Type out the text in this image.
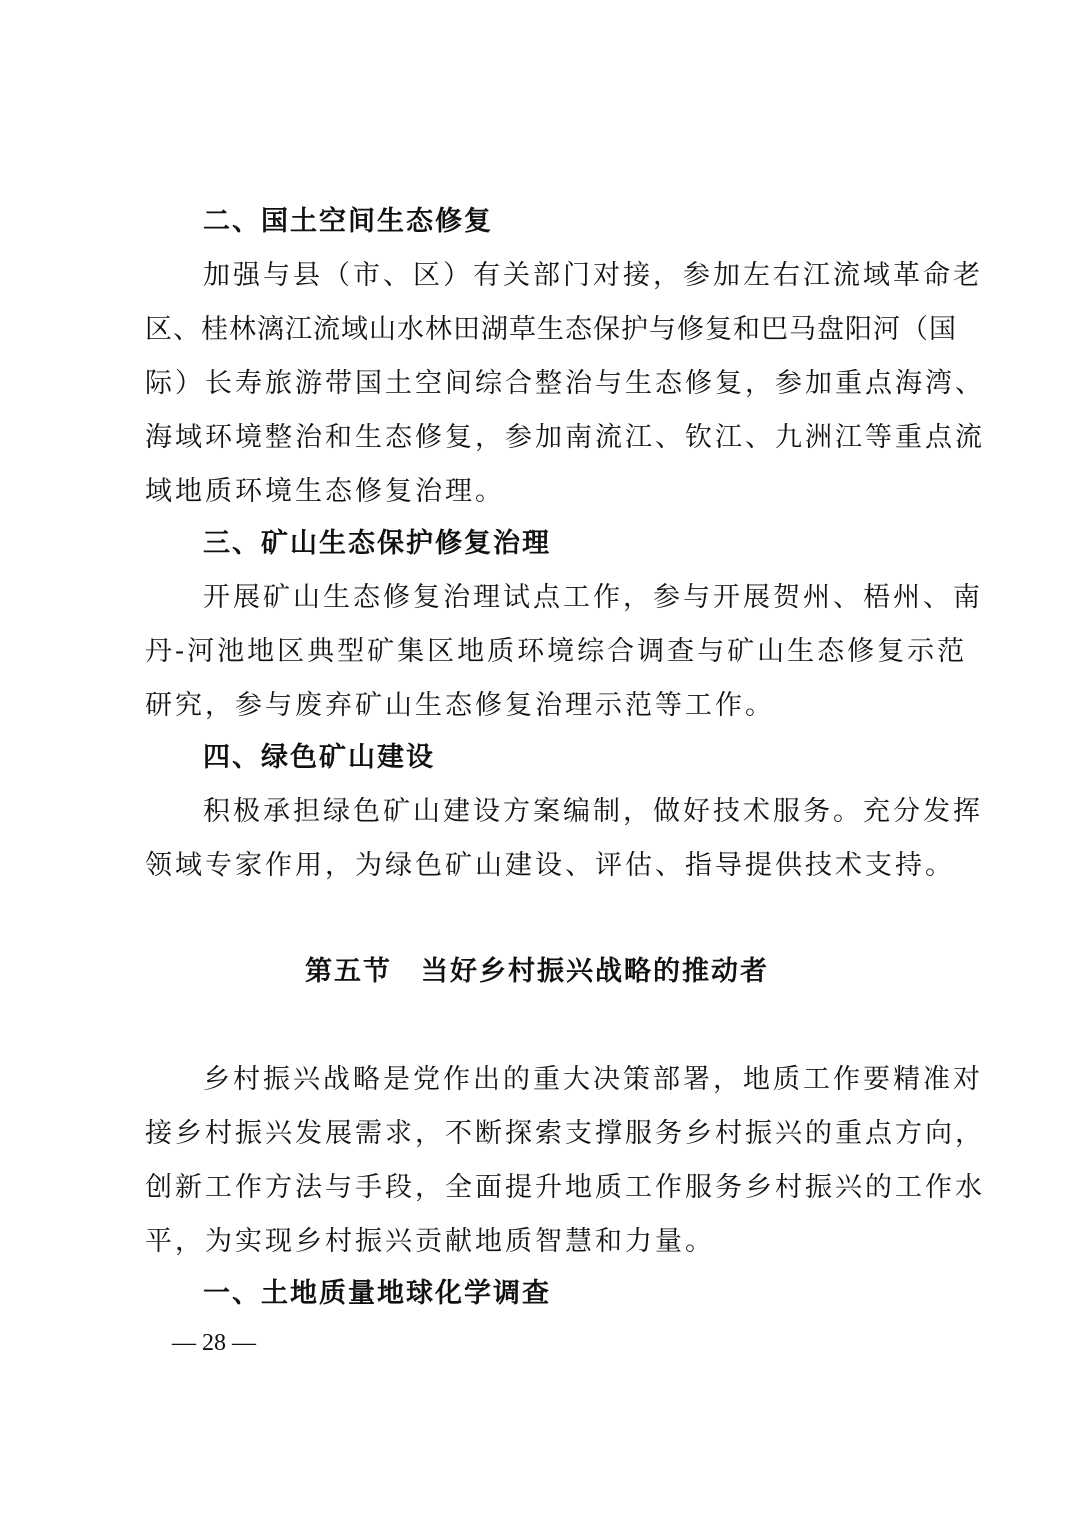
二、国土空间生态修复
加强与县（市、区）有关部门对接，参加左右江流域革命老
区、桂林漓江流域山水林田湖草生态保护与修复和巴马盘阳河（国
际）长寿旅游带国土空间综合整治与生态修复，参加重点海湾、
海域环境整治和生态修复，参加南流江、钦江、九洲江等重点流
域地质环境生态修复治理。
三、矿山生态保护修复治理
开展矿山生态修复治理试点工作，参与开展贺州、梧州、南
丹-河池地区典型矿集区地质环境综合调查与矿山生态修复示范
研究，参与废弃矿山生态修复治理示范等工作。
四、绿色矿山建设
积极承担绿色矿山建设方案编制，做好技术服务。充分发挥
领域专家作用，为绿色矿山建设、评估、指导提供技术支持。
第五节　当好乡村振兴战略的推动者
乡村振兴战略是党作出的重大决策部署，地质工作要精准对
接乡村振兴发展需求，不断探索支撑服务乡村振兴的重点方向，
创新工作方法与手段，全面提升地质工作服务乡村振兴的工作水
平，为实现乡村振兴贡献地质智慧和力量。
一、土地质量地球化学调查
— 28 —
